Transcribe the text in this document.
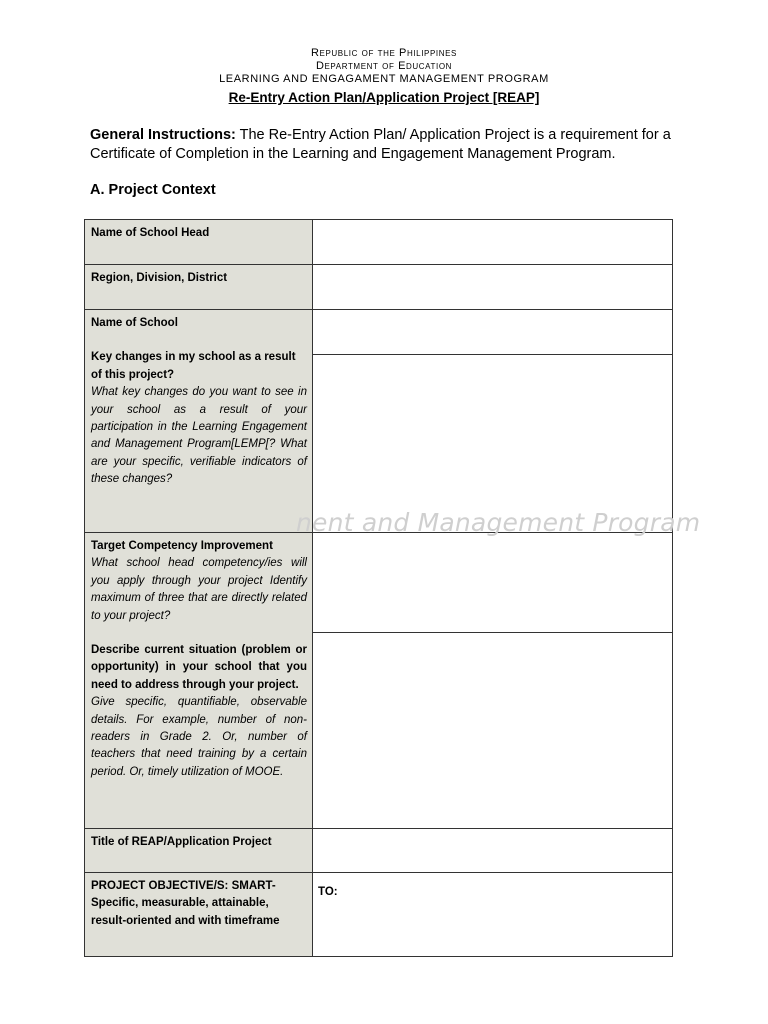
Republic of the Philippines
Department of Education
LEARNING AND ENGAGAMENT MANAGEMENT PROGRAM
Re-Entry Action Plan/Application Project [REAP]
General Instructions: The Re-Entry Action Plan/ Application Project is a requirement for a Certificate of Completion in the Learning and Engagement Management Program.
A. Project Context
Name of School Head	

Region, Division, District	

Name of School
Key changes in my school as a result of this project?
What key changes do you want to see in your school as a result of your participation in the Learning Engagement and Management Program[LEMP[? What are your specific, verifiable indicators of these changes?	

Target Competency Improvement
What school head competency/ies will you apply through your project Identify maximum of three that are directly related to your project?
Describe current situation (problem or opportunity) in your school that you need to address through your project.
Give specific, quantifiable, observable details. For example, number of non-readers in Grade 2. Or, number of teachers that need training by a certain period. Or, timely utilization of MOOE.	

Title of REAP/Application Project	

PROJECT OBJECTIVE/S: SMART-Specific, measurable, attainable, result-oriented and with timeframe	TO:
nent and Management Program
